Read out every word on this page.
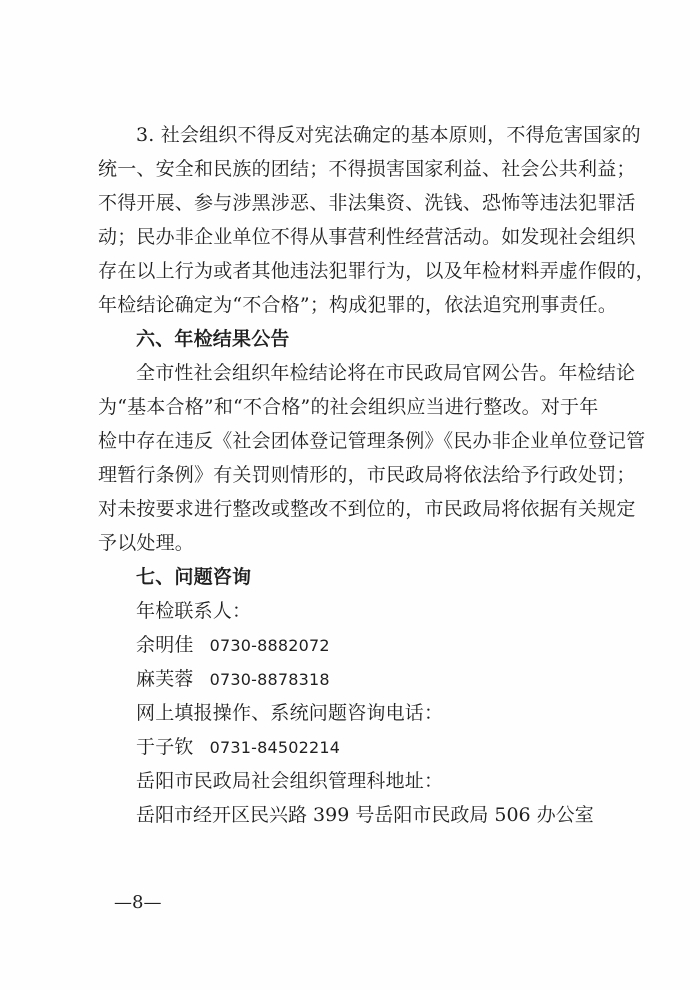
3. 社会组织不得反对宪法确定的基本原则，不得危害国家的
统一、安全和民族的团结；不得损害国家利益、社会公共利益；
不得开展、参与涉黑涉恶、非法集资、洗钱、恐怖等违法犯罪活
动；民办非企业单位不得从事营利性经营活动。如发现社会组织
存在以上行为或者其他违法犯罪行为，以及年检材料弄虚作假的，
年检结论确定为“不合格”；构成犯罪的，依法追究刑事责任。
六、年检结果公告
全市性社会组织年检结论将在市民政局官网公告。年检结论
为“基本合格”和“不合格”的社会组织应当进行整改。对于年
检中存在违反《社会团体登记管理条例》《民办非企业单位登记管
理暂行条例》有关罚则情形的，市民政局将依法给予行政处罚；
对未按要求进行整改或整改不到位的，市民政局将依据有关规定
予以处理。
七、问题咨询
年检联系人：
余明佳 0730-8882072
麻芙蓉 0730-8878318
网上填报操作、系统问题咨询电话：
于子钦 0731-84502214
岳阳市民政局社会组织管理科地址：
岳阳市经开区民兴路 399 号岳阳市民政局 506 办公室
—8—
